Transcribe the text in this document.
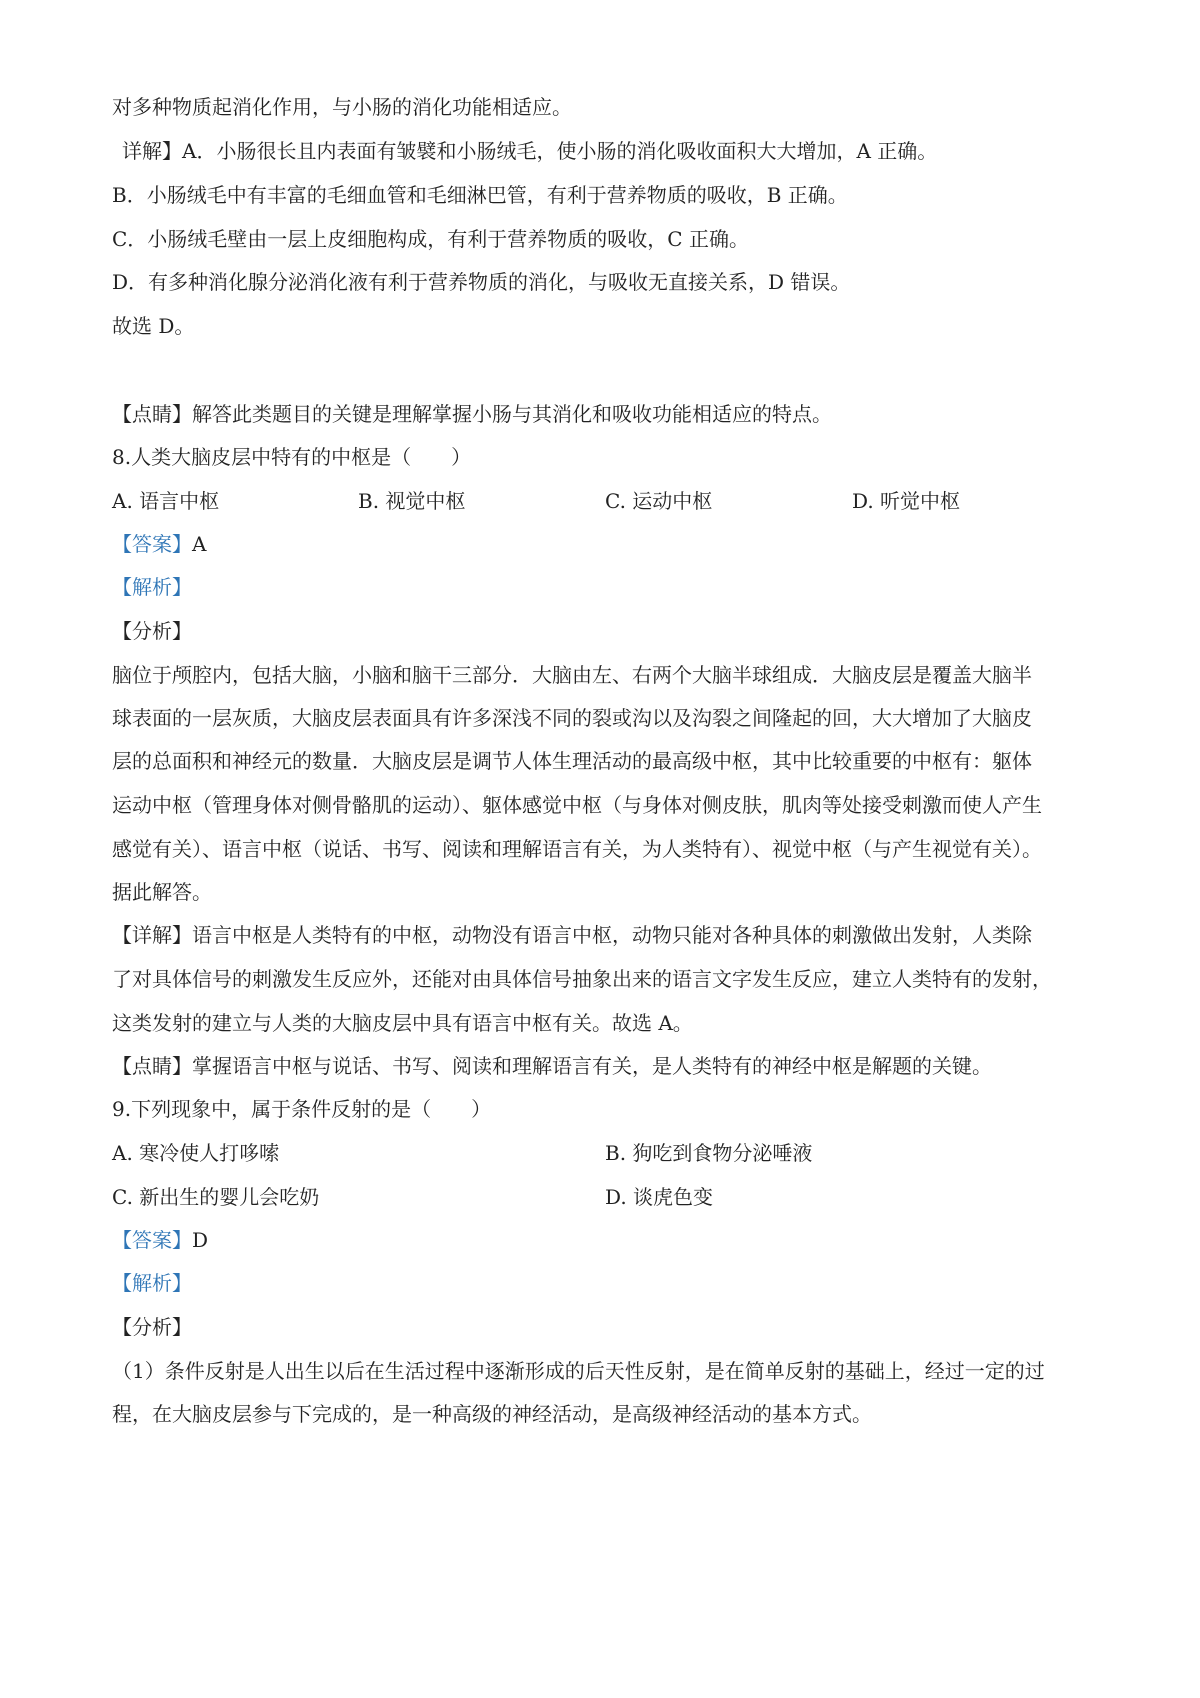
对多种物质起消化作用，与小肠的消化功能相适应。
详解】A．小肠很长且内表面有皱襞和小肠绒毛，使小肠的消化吸收面积大大增加，A 正确。
B．小肠绒毛中有丰富的毛细血管和毛细淋巴管，有利于营养物质的吸收，B 正确。
C．小肠绒毛壁由一层上皮细胞构成，有利于营养物质的吸收，C 正确。
D．有多种消化腺分泌消化液有利于营养物质的消化，与吸收无直接关系，D 错误。
故选 D。
【点睛】解答此类题目的关键是理解掌握小肠与其消化和吸收功能相适应的特点。
8.人类大脑皮层中特有的中枢是（　　）
A. 语言中枢	B. 视觉中枢	C. 运动中枢	D. 听觉中枢
【答案】A
【解析】
【分析】
脑位于颅腔内，包括大脑，小脑和脑干三部分．大脑由左、右两个大脑半球组成．大脑皮层是覆盖大脑半
球表面的一层灰质，大脑皮层表面具有许多深浅不同的裂或沟以及沟裂之间隆起的回，大大增加了大脑皮
层的总面积和神经元的数量．大脑皮层是调节人体生理活动的最高级中枢，其中比较重要的中枢有：躯体
运动中枢（管理身体对侧骨骼肌的运动）、躯体感觉中枢（与身体对侧皮肤，肌肉等处接受刺激而使人产生
感觉有关）、语言中枢（说话、书写、阅读和理解语言有关，为人类特有）、视觉中枢（与产生视觉有关）。
据此解答。
【详解】语言中枢是人类特有的中枢，动物没有语言中枢，动物只能对各种具体的刺激做出发射，人类除
了对具体信号的刺激发生反应外，还能对由具体信号抽象出来的语言文字发生反应，建立人类特有的发射，
这类发射的建立与人类的大脑皮层中具有语言中枢有关。故选 A。
【点睛】掌握语言中枢与说话、书写、阅读和理解语言有关，是人类特有的神经中枢是解题的关键。
9.下列现象中，属于条件反射的是（　　）
A. 寒冷使人打哆嗦	B. 狗吃到食物分泌唾液
C. 新出生的婴儿会吃奶	D. 谈虎色变
【答案】D
【解析】
【分析】
（1）条件反射是人出生以后在生活过程中逐渐形成的后天性反射，是在简单反射的基础上，经过一定的过
程，在大脑皮层参与下完成的，是一种高级的神经活动，是高级神经活动的基本方式。
